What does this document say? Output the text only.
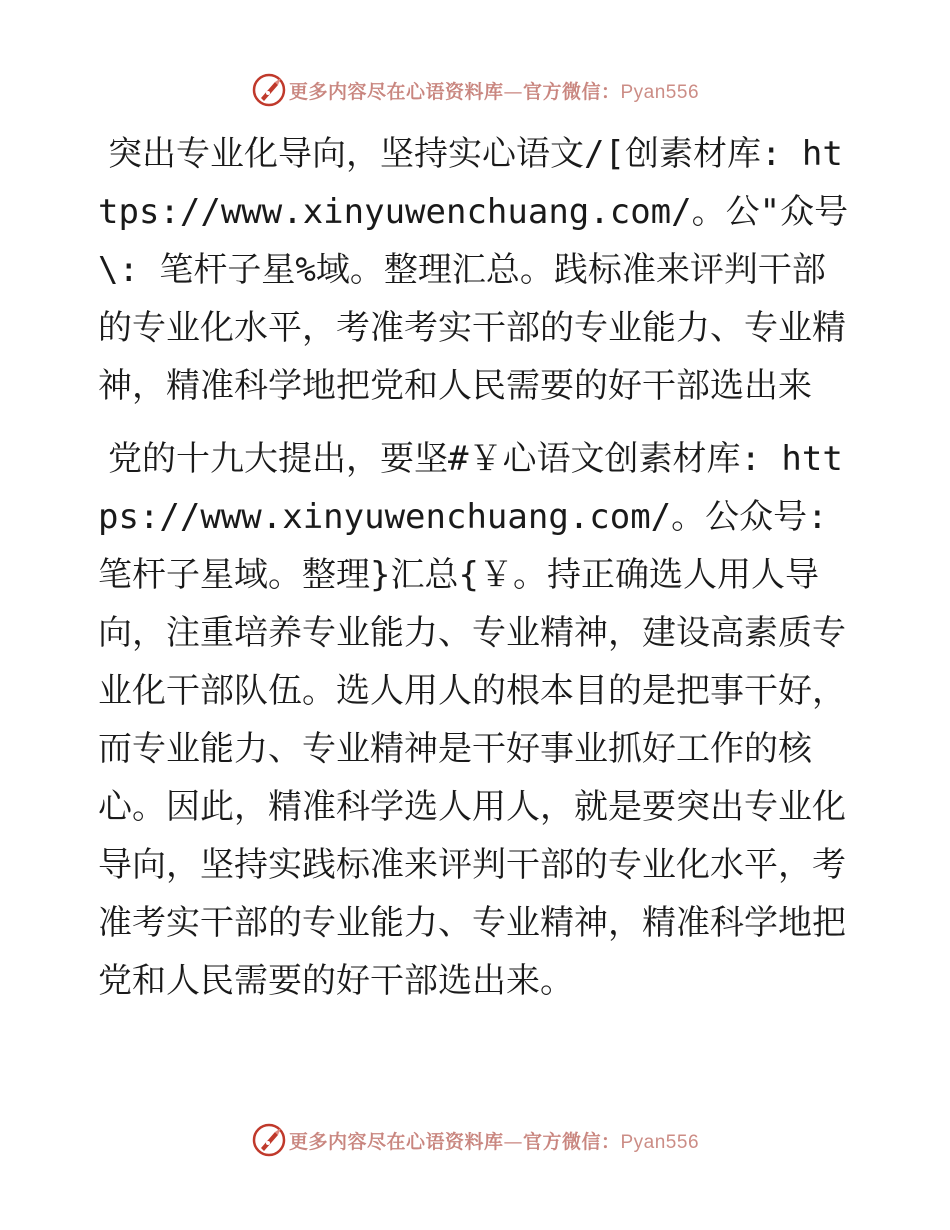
更多内容尽在心语资料库—官方微信：Pyan556

突出专业化导向，坚持实心语文/[创素材库: https://www.xinyuwenchuang.com/。公"众号\: 笔杆子星%域。整理汇总。践标准来评判干部的专业化水平，考准考实干部的专业能力、专业精神，精准科学地把党和人民需要的好干部选出来

党的十九大提出，要坚#￥心语文创素材库: https://www.xinyuwenchuang.com/。公众号: 笔杆子星域。整理}汇总{￥。持正确选人用人导向，注重培养专业能力、专业精神，建设高素质专业化干部队伍。选人用人的根本目的是把事干好，而专业能力、专业精神是干好事业抓好工作的核心。因此，精准科学选人用人，就是要突出专业化导向，坚持实践标准来评判干部的专业化水平，考准考实干部的专业能力、专业精神，精准科学地把党和人民需要的好干部选出来。

更多内容尽在心语资料库—官方微信：Pyan556
